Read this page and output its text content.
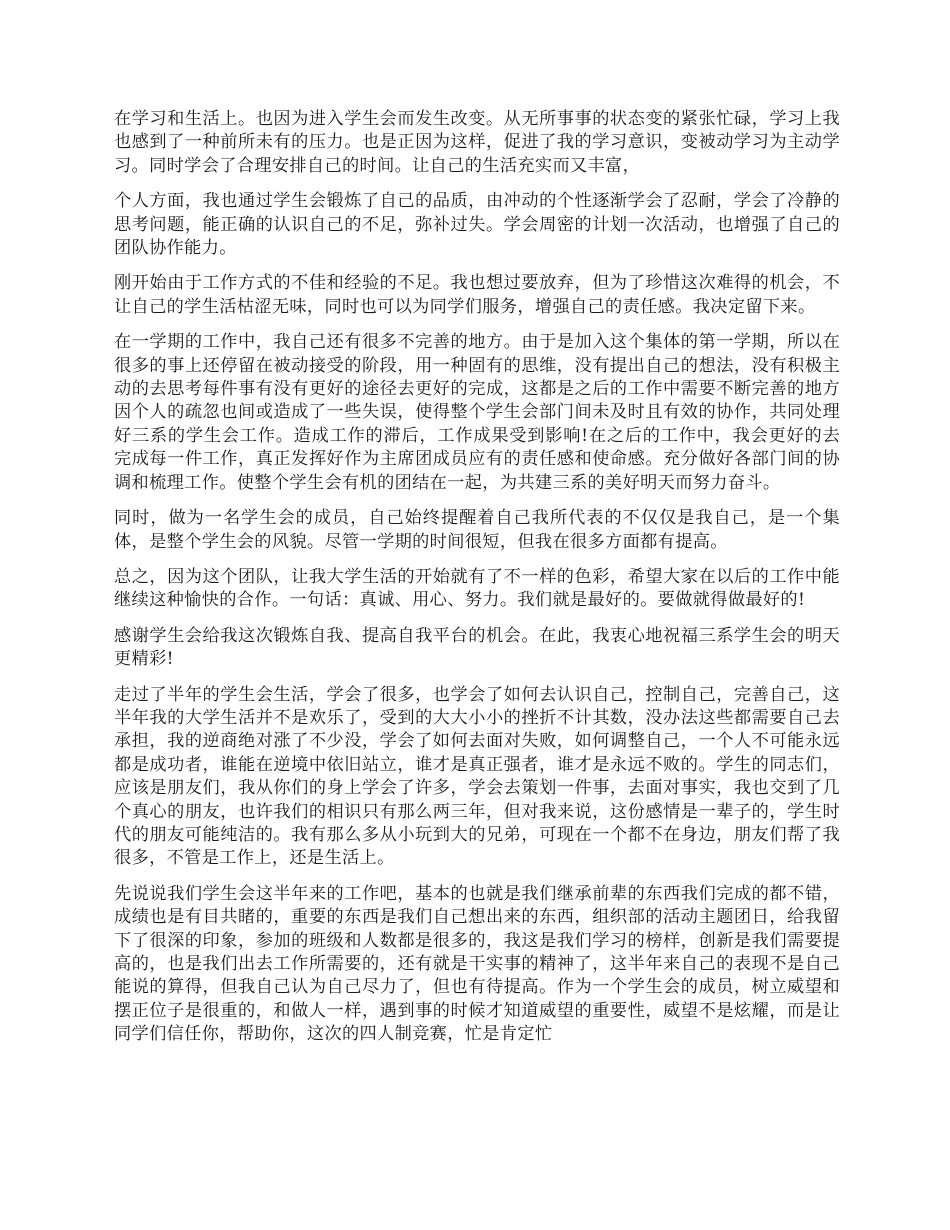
在学习和生活上。也因为进入学生会而发生改变。从无所事事的状态变的紧张忙碌，学习上我也感到了一种前所未有的压力。也是正因为这样，促进了我的学习意识，变被动学习为主动学习。同时学会了合理安排自己的时间。让自己的生活充实而又丰富，

个人方面，我也通过学生会锻炼了自己的品质，由冲动的个性逐渐学会了忍耐，学会了冷静的思考问题，能正确的认识自己的不足，弥补过失。学会周密的计划一次活动，也增强了自己的团队协作能力。

刚开始由于工作方式的不佳和经验的不足。我也想过要放弃，但为了珍惜这次难得的机会，不让自己的学生活枯涩无味，同时也可以为同学们服务，增强自己的责任感。我决定留下来。

在一学期的工作中，我自己还有很多不完善的地方。由于是加入这个集体的第一学期，所以在很多的事上还停留在被动接受的阶段，用一种固有的思维，没有提出自己的想法，没有积极主动的去思考每件事有没有更好的途径去更好的完成，这都是之后的工作中需要不断完善的地方因个人的疏忽也间或造成了一些失误，使得整个学生会部门间未及时且有效的协作，共同处理好三系的学生会工作。造成工作的滞后，工作成果受到影响!在之后的工作中，我会更好的去完成每一件工作，真正发挥好作为主席团成员应有的责任感和使命感。充分做好各部门间的协调和梳理工作。使整个学生会有机的团结在一起，为共建三系的美好明天而努力奋斗。

同时，做为一名学生会的成员，自己始终提醒着自己我所代表的不仅仅是我自己，是一个集体，是整个学生会的风貌。尽管一学期的时间很短，但我在很多方面都有提高。

总之，因为这个团队，让我大学生活的开始就有了不一样的色彩，希望大家在以后的工作中能继续这种愉快的合作。一句话：真诚、用心、努力。我们就是最好的。要做就得做最好的!

感谢学生会给我这次锻炼自我、提高自我平台的机会。在此，我衷心地祝福三系学生会的明天更精彩!

走过了半年的学生会生活，学会了很多，也学会了如何去认识自己，控制自己，完善自己，这半年我的大学生活并不是欢乐了，受到的大大小小的挫折不计其数，没办法这些都需要自己去承担，我的逆商绝对涨了不少没，学会了如何去面对失败，如何调整自己，一个人不可能永远都是成功者，谁能在逆境中依旧站立，谁才是真正强者，谁才是永远不败的。学生的同志们，应该是朋友们，我从你们的身上学会了许多，学会去策划一件事，去面对事实，我也交到了几个真心的朋友，也许我们的相识只有那么两三年，但对我来说，这份感情是一辈子的，学生时代的朋友可能纯洁的。我有那么多从小玩到大的兄弟，可现在一个都不在身边，朋友们帮了我很多，不管是工作上，还是生活上。

先说说我们学生会这半年来的工作吧，基本的也就是我们继承前辈的东西我们完成的都不错，成绩也是有目共睹的，重要的东西是我们自己想出来的东西，组织部的活动主题团日，给我留下了很深的印象，参加的班级和人数都是很多的，我这是我们学习的榜样，创新是我们需要提高的，也是我们出去工作所需要的，还有就是干实事的精神了，这半年来自己的表现不是自己能说的算得，但我自己认为自己尽力了，但也有待提高。作为一个学生会的成员，树立威望和摆正位子是很重的，和做人一样，遇到事的时候才知道威望的重要性，威望不是炫耀，而是让同学们信任你，帮助你，这次的四人制竞赛，忙是肯定忙
